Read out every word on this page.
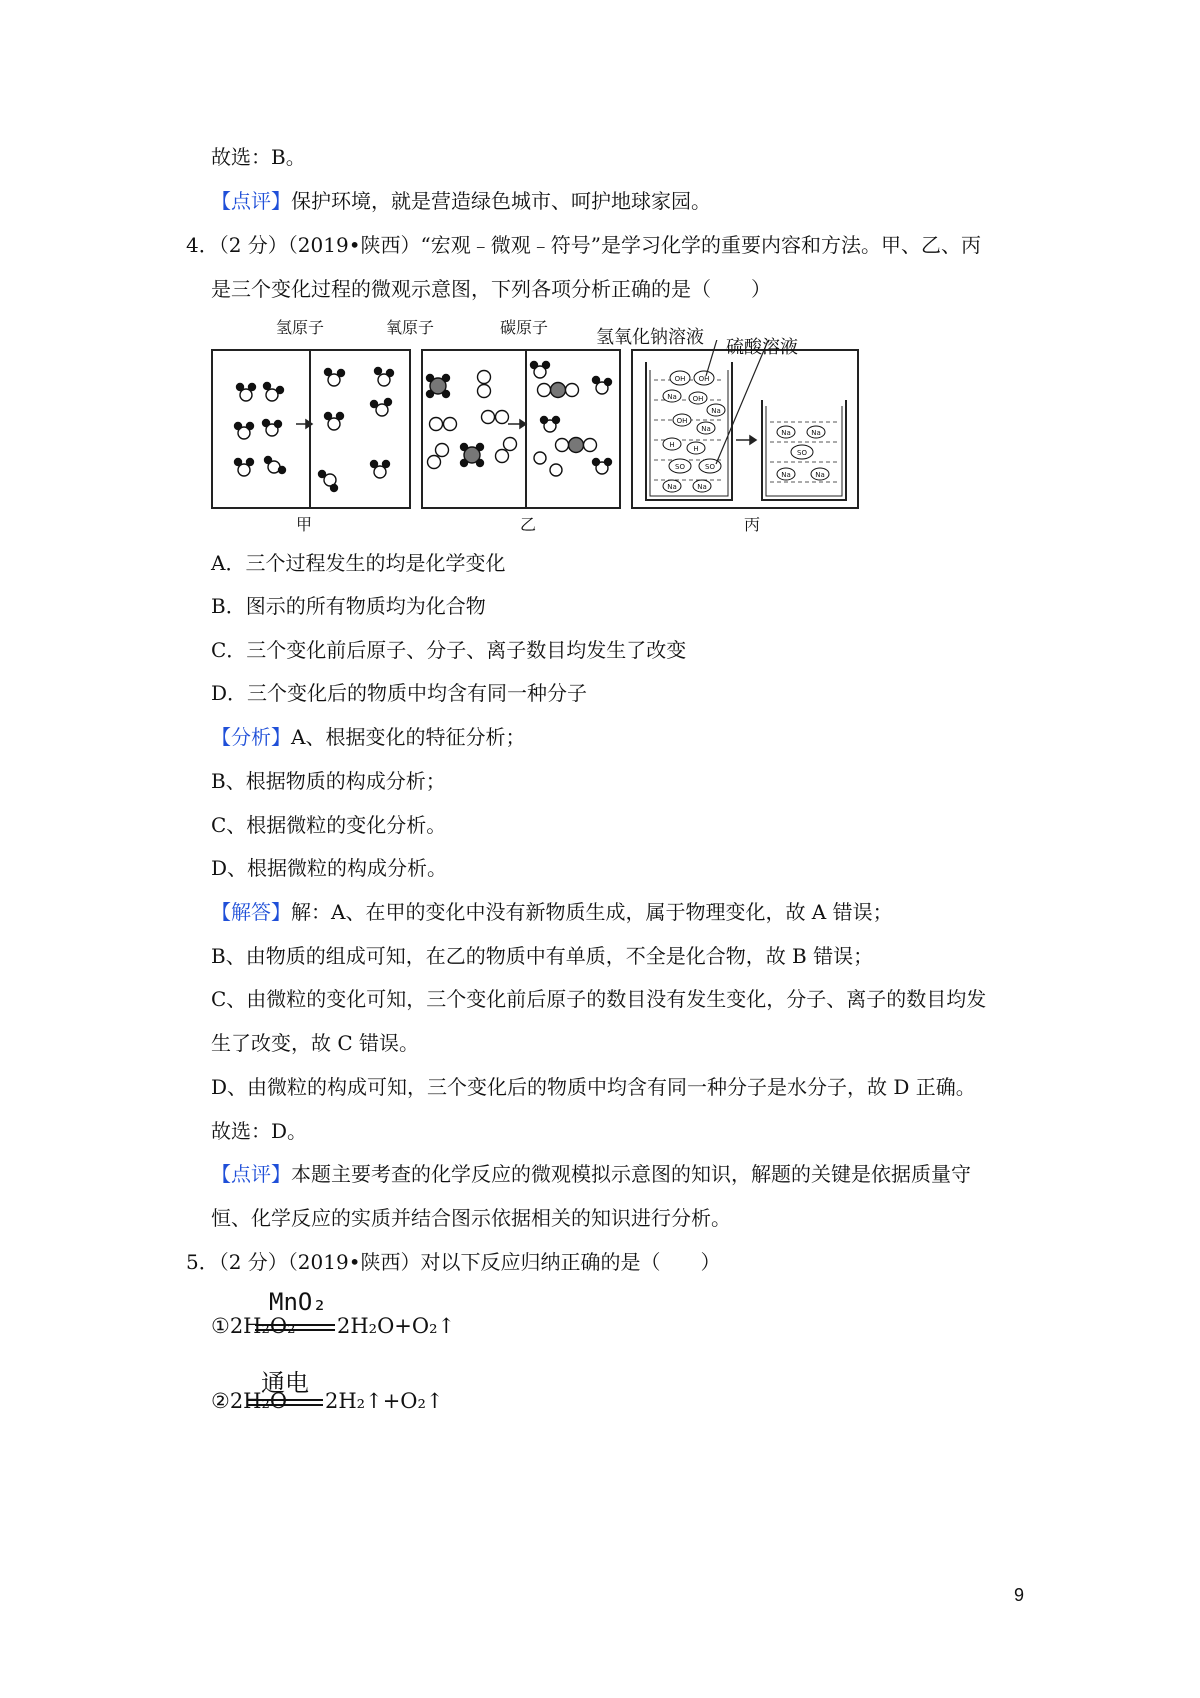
故选：B。
【点评】保护环境，就是营造绿色城市、呵护地球家园。
4．（2 分）（2019•陕西）“宏观﹣微观﹣符号”是学习化学的重要内容和方法。甲、乙、丙
是三个变化过程的微观示意图，下列各项分析正确的是（　　）
OH OH
Na OH
Na
OH
Na
H	H
SO	SO
Na	Na
Na	Na
SO
Na	Na
氢原子	氧原子	碳原子	氢氧化钠溶液 硫酸溶液
甲	乙	丙
A．三个过程发生的均是化学变化
B．图示的所有物质均为化合物
C．三个变化前后原子、分子、离子数目均发生了改变
D．三个变化后的物质中均含有同一种分子
【分析】A、根据变化的特征分析；
B、根据物质的构成分析；
C、根据微粒的变化分析。
D、根据微粒的构成分析。
【解答】解：A、在甲的变化中没有新物质生成，属于物理变化，故 A 错误；
B、由物质的组成可知，在乙的物质中有单质，不全是化合物，故 B 错误；
C、由微粒的变化可知，三个变化前后原子的数目没有发生变化，分子、离子的数目均发
生了改变，故 C 错误。
D、由微粒的构成可知，三个变化后的物质中均含有同一种分子是水分子，故 D 正确。
故选：D。
【点评】本题主要考查的化学反应的微观模拟示意图的知识，解题的关键是依据质量守
恒、化学反应的实质并结合图示依据相关的知识进行分析。
5．（2 分）（2019•陕西）对以下反应归纳正确的是（　　）
①2H₂O₂
MnO₂
2H₂O+O₂↑
②2H₂O
通电
2H₂↑+O₂↑
9
